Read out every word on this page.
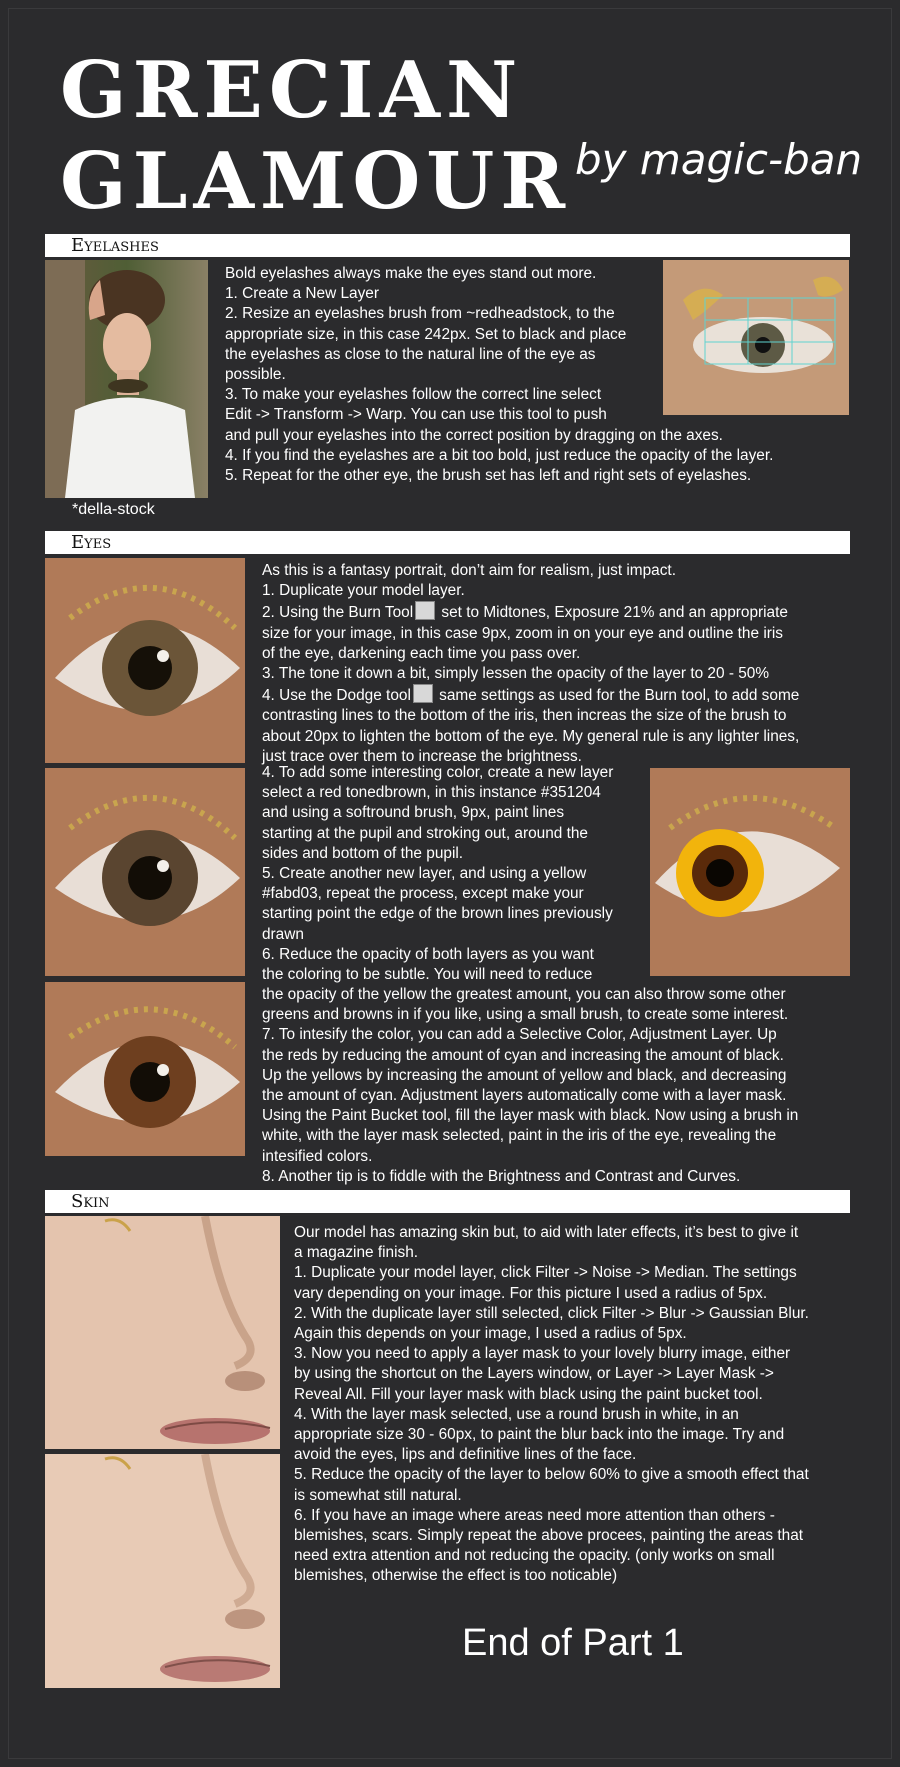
GRECIAN GLAMOUR by magic-ban
Eyelashes
*della-stock
Bold eyelashes always make the eyes stand out more.
1. Create a New Layer
2. Resize an eyelashes brush from ~redheadstock, to the
appropriate size, in this case 242px. Set to black and place
the eyelashes as close to the natural line of the eye as
possible.
3. To make your eyelashes follow the correct line select
Edit -> Transform -> Warp. You can use this tool to push
and pull your eyelashes into the correct position by dragging on the axes.
4. If you find the eyelashes are a bit too bold, just reduce the opacity of the layer.
5. Repeat for the other eye, the brush set has left and right sets of eyelashes.
Eyes
As this is a fantasy portrait, don’t aim for realism, just impact.
1. Duplicate your model layer.
2. Using the Burn Tool set to Midtones, Exposure 21% and an appropriate
size for your image, in this case 9px, zoom in on your eye and outline the iris
of the eye, darkening each time you pass over.
3. The tone it down a bit, simply lessen the opacity of the layer to 20 - 50%
4. Use the Dodge tool same settings as used for the Burn tool, to add some
contrasting lines to the bottom of the iris, then increas the size of the brush to
about 20px to lighten the bottom of the eye. My general rule is any lighter lines,
just trace over them to increase the brightness.
4. To add some interesting color, create a new layer
select a red tonedbrown, in this instance #351204
and using a softround brush, 9px, paint lines
starting at the pupil and stroking out, around the
sides and bottom of the pupil.
5. Create another new layer, and using a yellow
#fabd03, repeat the process, except make your
starting point the edge of the brown lines previously
drawn
6. Reduce the opacity of both layers as you want
the coloring to be subtle. You will need to reduce
the opacity of the yellow the greatest amount, you can also throw some other
greens and browns in if you like, using a small brush, to create some interest.
7. To intesify the color, you can add a Selective Color, Adjustment Layer. Up
the reds by reducing the amount of cyan and increasing the amount of black.
Up the yellows by increasing the amount of yellow and black, and decreasing
the amount of cyan. Adjustment layers automatically come with a layer mask.
Using the Paint Bucket tool, fill the layer mask with black. Now using a brush in
white, with the layer mask selected, paint in the iris of the eye, revealing the
intesified colors.
8. Another tip is to fiddle with the Brightness and Contrast and Curves.
Skin
Our model has amazing skin but, to aid with later effects, it’s best to give it
a magazine finish.
1. Duplicate your model layer, click Filter -> Noise -> Median. The settings
vary depending on your image. For this picture I used a radius of 5px.
2. With the duplicate layer still selected, click Filter -> Blur -> Gaussian Blur.
Again this depends on your image, I used a radius of 5px.
3. Now you need to apply a layer mask to your lovely blurry image, either
by using the shortcut on the Layers window, or Layer -> Layer Mask ->
Reveal All. Fill your layer mask with black using the paint bucket tool.
4. With the layer mask selected, use a round brush in white, in an
appropriate size 30 - 60px, to paint the blur back into the image. Try and
avoid the eyes, lips and definitive lines of the face.
5. Reduce the opacity of the layer to below 60% to give a smooth effect that
is somewhat still natural.
6. If you have an image where areas need more attention than others -
blemishes, scars. Simply repeat the above procees, painting the areas that
need extra attention and not reducing the opacity. (only works on small
blemishes, otherwise the effect is too noticable)
End of Part 1
